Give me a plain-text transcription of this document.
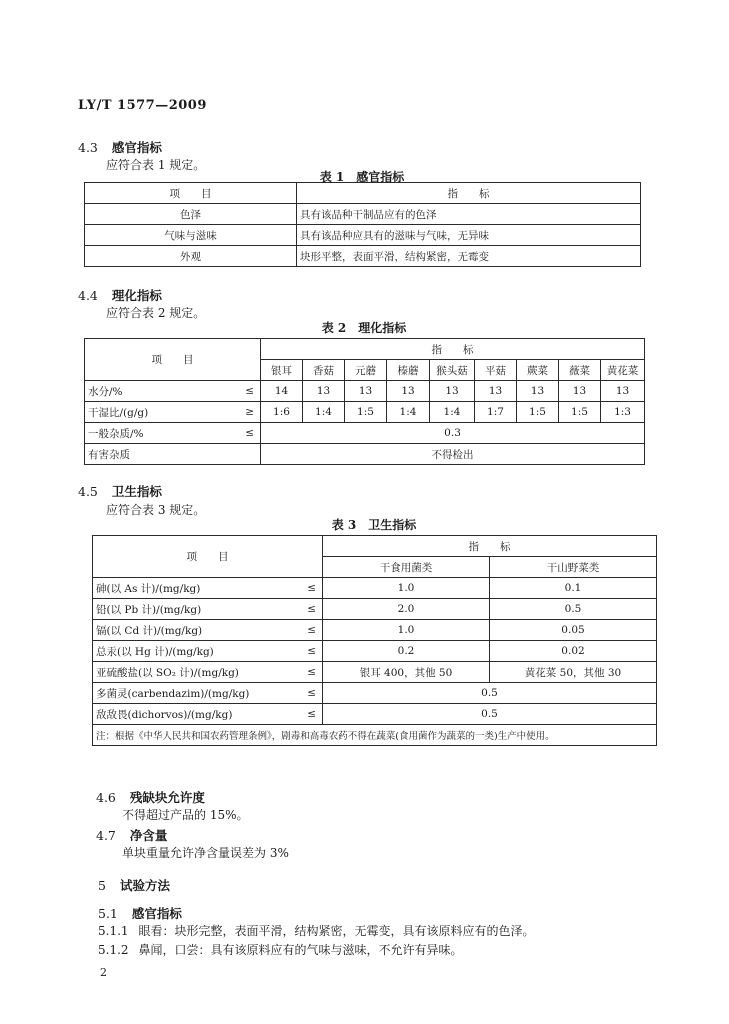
LY/T 1577—2009
4.3 感官指标
应符合表 1 规定。
表 1　感官指标
项　　目	指　　标
色泽	具有该品种干制品应有的色泽
气味与滋味	具有该品种应具有的滋味与气味，无异味
外观	块形平整，表面平滑，结构紧密，无霉变
4.4 理化指标
应符合表 2 规定。
表 2　理化指标
项　　目		指　　标								
		银耳	香菇	元蘑	榛蘑	猴头菇	平菇	蕨菜	薇菜	黄花菜
水分/%	≤	14	13	13	13	13	13	13	13	13
干湿比/(g/g)	≥	1:6	1:4	1:5	1:4	1:4	1:7	1:5	1:5	1:3
一般杂质/%	≤	0.3								
有害杂质		不得检出								
4.5 卫生指标
应符合表 3 规定。
表 3　卫生指标
项　　目		指　　标	
		干食用菌类	干山野菜类
砷(以 As 计)/(mg/kg)	≤	1.0	0.1
铅(以 Pb 计)/(mg/kg)	≤	2.0	0.5
镉(以 Cd 计)/(mg/kg)	≤	1.0	0.05
总汞(以 Hg 计)/(mg/kg)	≤	0.2	0.02
亚硫酸盐(以 SO₂ 计)/(mg/kg)	≤	银耳 400，其他 50	黄花菜 50，其他 30
多菌灵(carbendazim)/(mg/kg)	≤	0.5	
敌敌畏(dichorvos)/(mg/kg)	≤	0.5	
注：根据《中华人民共和国农药管理条例》，剧毒和高毒农药不得在蔬菜(食用菌作为蔬菜的一类)生产中使用。			
4.6 残缺块允许度
不得超过产品的 15%。
4.7 净含量
单块重量允许净含量误差为 3%
5 试验方法
5.1 感官指标
5.1.1 眼看：块形完整，表面平滑，结构紧密，无霉变，具有该原料应有的色泽。
5.1.2 鼻闻，口尝：具有该原料应有的气味与滋味，不允许有异味。
2
